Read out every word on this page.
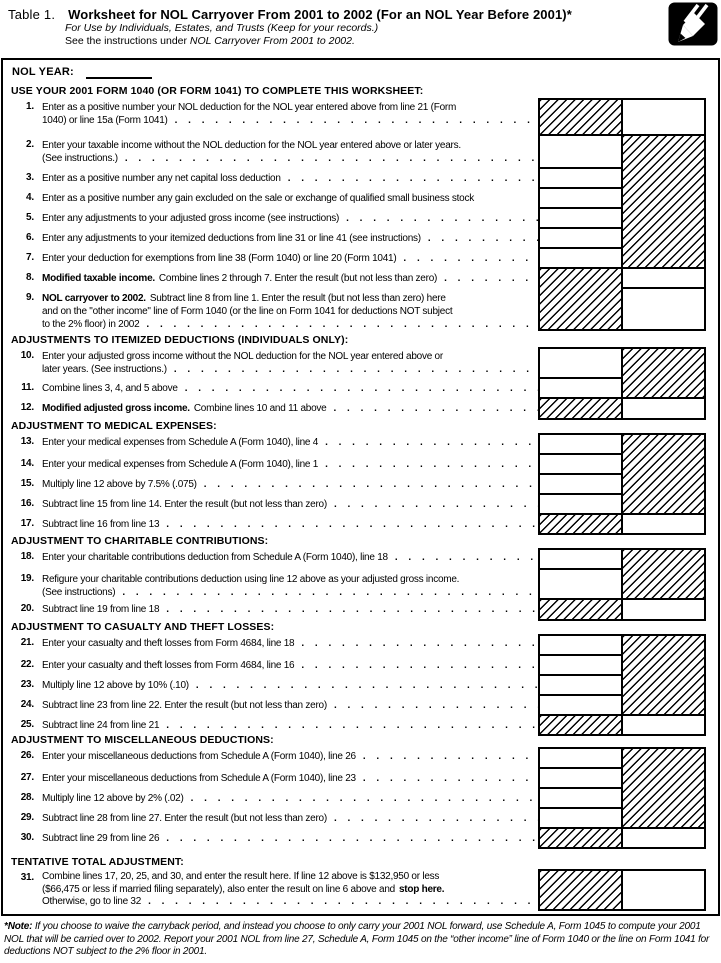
Table 1. Worksheet for NOL Carryover From 2001 to 2002 (For an NOL Year Before 2001)*
For Use by Individuals, Estates, and Trusts (Keep for your records.)
See the instructions under NOL Carryover From 2001 to 2002.
NOL YEAR:
USE YOUR 2001 FORM 1040 (OR FORM 1041) TO COMPLETE THIS WORKSHEET:
1. Enter as a positive number your NOL deduction for the NOL year entered above from line 21 (Form
1040) or line 15a (Form 1041)
. . .
2. Enter your taxable income without the NOL deduction for the NOL year entered above or later years.
(See instructions.)
. . .
3. Enter as a positive number any net capital loss deduction
. . .
4. Enter as a positive number any gain excluded on the sale or exchange of qualified small business stock
5. Enter any adjustments to your adjusted gross income (see instructions)
. . .
6. Enter any adjustments to your itemized deductions from line 31 or line 41 (see instructions)
. . .
7. Enter your deduction for exemptions from line 38 (Form 1040) or line 20 (Form 1041)
. . .
8. Modified taxable income. Combine lines 2 through 7. Enter the result (but not less than zero)
. . .
9. NOL carryover to 2002. Subtract line 8 from line 1. Enter the result (but not less than zero) here
and on the "other income" line of Form 1040 (or the line on Form 1041 for deductions NOT subject
to the 2% floor) in 2002
. . .
ADJUSTMENTS TO ITEMIZED DEDUCTIONS (INDIVIDUALS ONLY):
10. Enter your adjusted gross income without the NOL deduction for the NOL year entered above or
later years. (See instructions.)
. . .
11. Combine lines 3, 4, and 5 above
. . .
12. Modified adjusted gross income. Combine lines 10 and 11 above
. . .
ADJUSTMENT TO MEDICAL EXPENSES:
13. Enter your medical expenses from Schedule A (Form 1040), line 4
. . .
14. Enter your medical expenses from Schedule A (Form 1040), line 1
. . .
15. Multiply line 12 above by 7.5% (.075)
. . .
16. Subtract line 15 from line 14. Enter the result (but not less than zero)
. . .
17. Subtract line 16 from line 13
. . .
ADJUSTMENT TO CHARITABLE CONTRIBUTIONS:
18. Enter your charitable contributions deduction from Schedule A (Form 1040), line 18
. . .
19. Refigure your charitable contributions deduction using line 12 above as your adjusted gross income.
(See instructions)
. . .
20. Subtract line 19 from line 18
. . .
ADJUSTMENT TO CASUALTY AND THEFT LOSSES:
21. Enter your casualty and theft losses from Form 4684, line 18
. . .
22. Enter your casualty and theft losses from Form 4684, line 16
. . .
23. Multiply line 12 above by 10% (.10)
. . .
24. Subtract line 23 from line 22. Enter the result (but not less than zero)
. . .
25. Subtract line 24 from line 21
. . .
ADJUSTMENT TO MISCELLANEOUS DEDUCTIONS:
26. Enter your miscellaneous deductions from Schedule A (Form 1040), line 26
. . .
27. Enter your miscellaneous deductions from Schedule A (Form 1040), line 23
. . .
28. Multiply line 12 above by 2% (.02)
. . .
29. Subtract line 28 from line 27. Enter the result (but not less than zero)
. . .
30. Subtract line 29 from line 26
. . .
TENTATIVE TOTAL ADJUSTMENT:
31. Combine lines 17, 20, 25, and 30, and enter the result here. If line 12 above is $132,950 or less
($66,475 or less if married filing separately), also enter the result on line 6 above and stop here.
Otherwise, go to line 32
. . .
*Note: If you choose to waive the carryback period, and instead you choose to only carry your 2001 NOL forward, use Schedule A, Form 1045 to compute your 2001 NOL that will be carried over to 2002. Report your 2001 NOL from line 27, Schedule A, Form 1045 on the “other income” line of Form 1040 or the line on Form 1041 for deductions NOT subject to the 2% floor in 2001.
